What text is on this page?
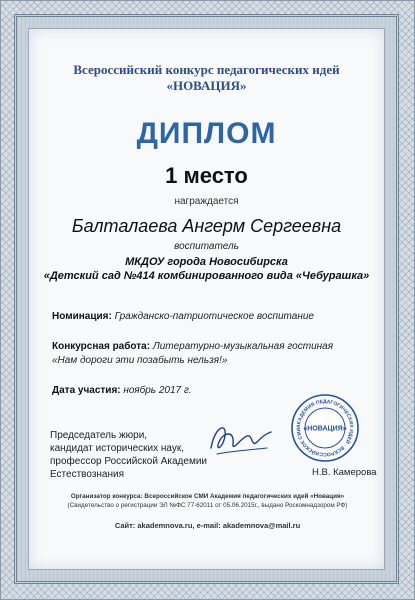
Всероссийский конкурс педагогических идей
«НОВАЦИЯ»
ДИПЛОМ
1 место
награждается
Балталаева Ангерм Сергеевна
воспитатель
МКДОУ города Новосибирска
«Детский сад №414 комбинированного вида «Чебурашка»
Номинация: Гражданско-патриотическое воспитание
Конкурсная работа: Литературно-музыкальная гостиная
«Нам дороги эти позабыть нельзя!»
Дата участия: ноябрь 2017 г.
Председатель жюри,
кандидат исторических наук,
профессор Российской Академии
Естествознания
АКАДЕМИЯ ПЕДАГОГИЧЕСКИХ ИДЕЙ · ВСЕРОССИЙСКОЕ СМИ «НОВАЦИЯ»
Н.В. Камерова
Организатор конкурса: Всероссийское СМИ Академия педагогических идей «Новация»
(Свидетельство о регистрации ЭЛ №ФС 77-62011 от 05.06.2015г., выдано Роскомнадзором РФ)
Сайт: akademnova.ru, e-mail: akademnova@mail.ru
